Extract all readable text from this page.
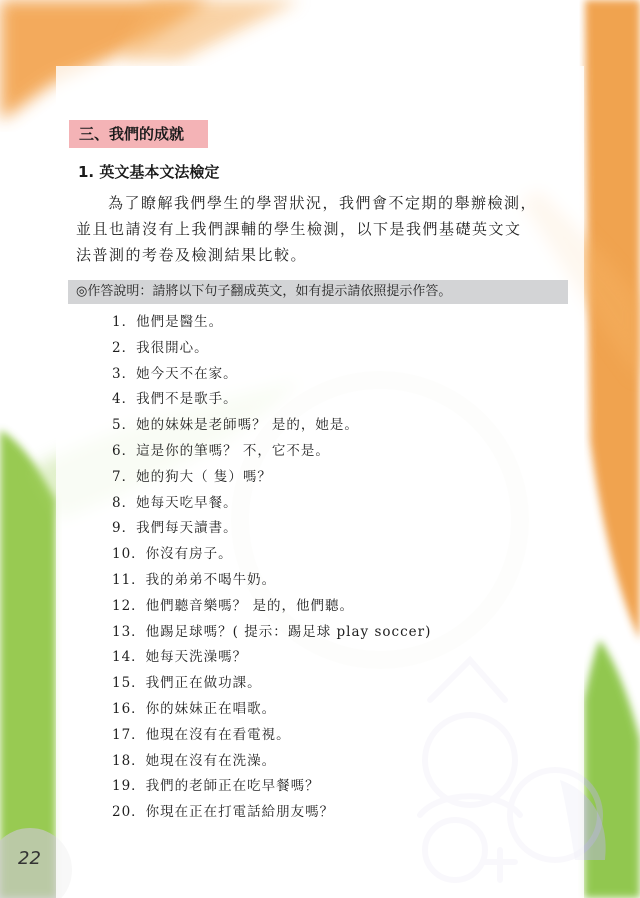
三、我們的成就
1. 英文基本文法檢定
為了瞭解我們學生的學習狀況，我們會不定期的舉辦檢測，
並且也請沒有上我們課輔的學生檢測，以下是我們基礎英文文
法普測的考卷及檢測結果比較。
◎作答說明：請將以下句子翻成英文，如有提示請依照提示作答。
1．他們是醫生。
2．我很開心。
3．她今天不在家。
4．我們不是歌手。
5．她的妹妹是老師嗎？ 是的，她是。
6．這是你的筆嗎？ 不，它不是。
7．她的狗大（ 隻）嗎？
8．她每天吃早餐。
9．我們每天讀書。
10．你沒有房子。
11．我的弟弟不喝牛奶。
12．他們聽音樂嗎？ 是的，他們聽。
13．他踢足球嗎？( 提示：踢足球 play soccer)
14．她每天洗澡嗎？
15．我們正在做功課。
16．你的妹妹正在唱歌。
17．他現在沒有在看電視。
18．她現在沒有在洗澡。
19．我們的老師正在吃早餐嗎？
20．你現在正在打電話給朋友嗎？
22
